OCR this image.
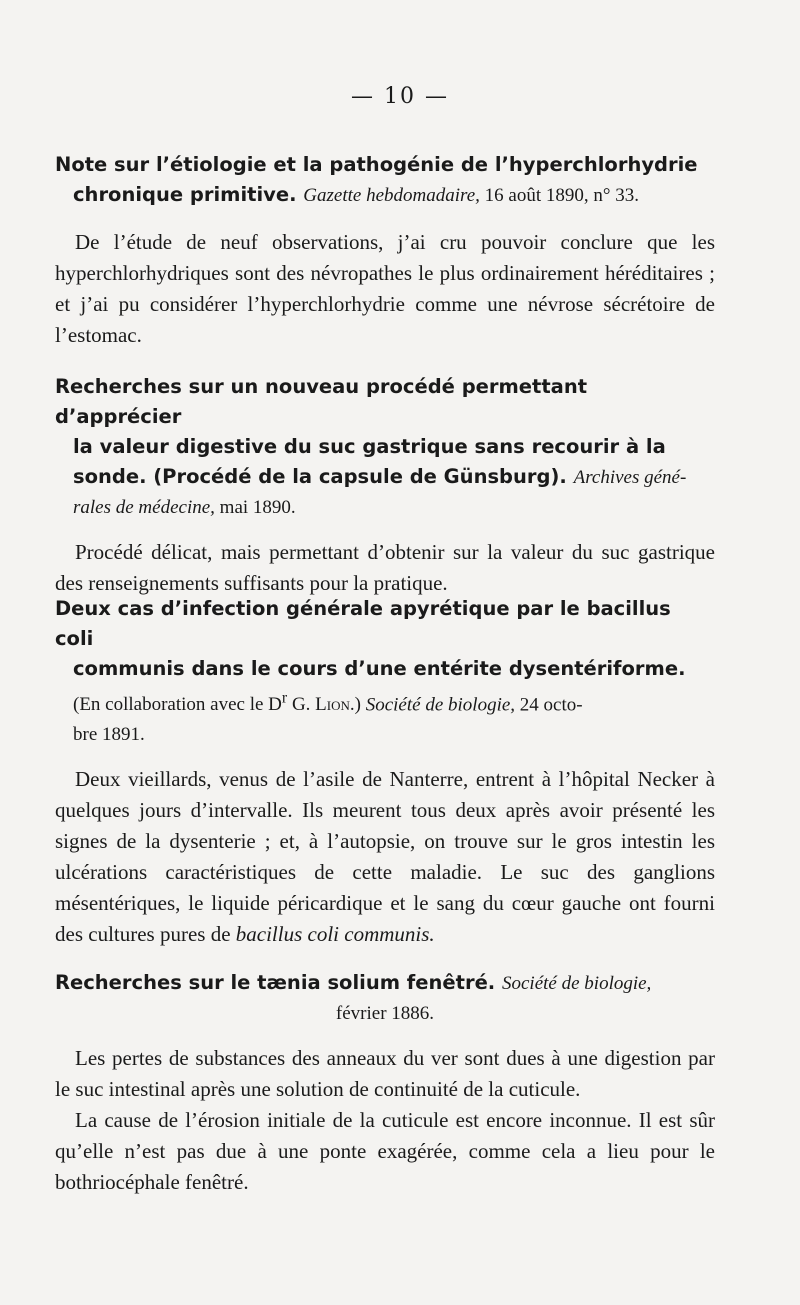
— 10 —
Note sur l’étiologie et la pathogénie de l’hyperchlorhydrie
chronique primitive. Gazette hebdomadaire, 16 août 1890, n° 33.
De l’étude de neuf observations, j’ai cru pouvoir conclure que les hyperchlorhydriques sont des névropathes le plus ordinairement héréditaires ; et j’ai pu considérer l’hyperchlorhydrie comme une névrose sécrétoire de l’estomac.
Recherches sur un nouveau procédé permettant d’apprécier
la valeur digestive du suc gastrique sans recourir à la
sonde. (Procédé de la capsule de Günsburg). Archives géné-
rales de médecine, mai 1890.
Procédé délicat, mais permettant d’obtenir sur la valeur du suc gastrique des renseignements suffisants pour la pratique.
Deux cas d’infection générale apyrétique par le bacillus coli
communis dans le cours d’une entérite dysentériforme.
(En collaboration avec le $D^r$ G. Lion.) Société de biologie, 24 octo-
bre 1891.
Deux vieillards, venus de l’asile de Nanterre, entrent à l’hôpital Necker à quelques jours d’intervalle. Ils meurent tous deux après avoir présenté les signes de la dysenterie ; et, à l’autopsie, on trouve sur le gros intestin les ulcérations caractéristiques de cette maladie. Le suc des ganglions mésentériques, le liquide péricardique et le sang du cœur gauche ont fourni des cultures pures de bacillus coli communis.
Recherches sur le tænia solium fenêtré. Société de biologie,
février 1886.
Les pertes de substances des anneaux du ver sont dues à une digestion par le suc intestinal après une solution de continuité de la cuticule.
La cause de l’érosion initiale de la cuticule est encore inconnue. Il est sûr qu’elle n’est pas due à une ponte exagérée, comme cela a lieu pour le bothriocéphale fenêtré.
